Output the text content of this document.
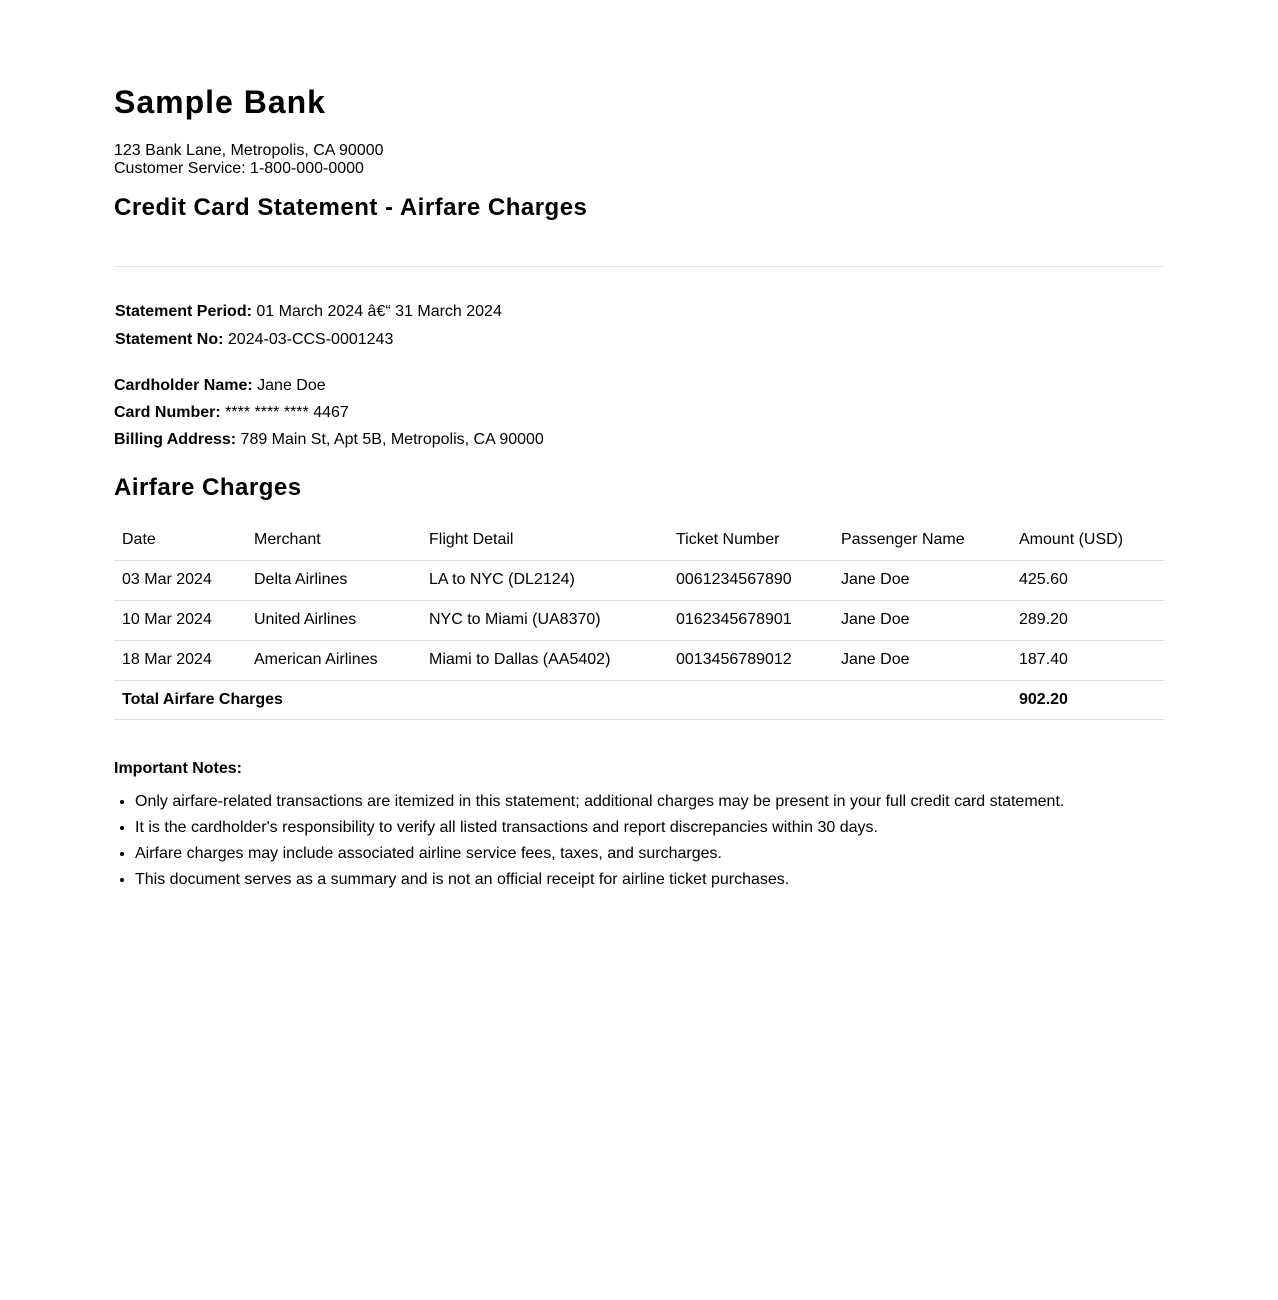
Sample Bank
123 Bank Lane, Metropolis, CA 90000
Customer Service: 1-800-000-0000
Credit Card Statement - Airfare Charges
Statement Period: 01 March 2024 â€“ 31 March 2024
Statement No: 2024-03-CCS-0001243
Cardholder Name: Jane Doe
Card Number: **** **** **** 4467
Billing Address: 789 Main St, Apt 5B, Metropolis, CA 90000
Airfare Charges
Date	Merchant	Flight Detail	Ticket Number	Passenger Name	Amount (USD)
03 Mar 2024	Delta Airlines	LA to NYC (DL2124)	0061234567890	Jane Doe	425.60
10 Mar 2024	United Airlines	NYC to Miami (UA8370)	0162345678901	Jane Doe	289.20
18 Mar 2024	American Airlines	Miami to Dallas (AA5402)	0013456789012	Jane Doe	187.40
Total Airfare Charges					902.20
Important Notes:
• Only airfare-related transactions are itemized in this statement; additional charges may be present in your full credit card statement.
• It is the cardholder's responsibility to verify all listed transactions and report discrepancies within 30 days.
• Airfare charges may include associated airline service fees, taxes, and surcharges.
• This document serves as a summary and is not an official receipt for airline ticket purchases.
